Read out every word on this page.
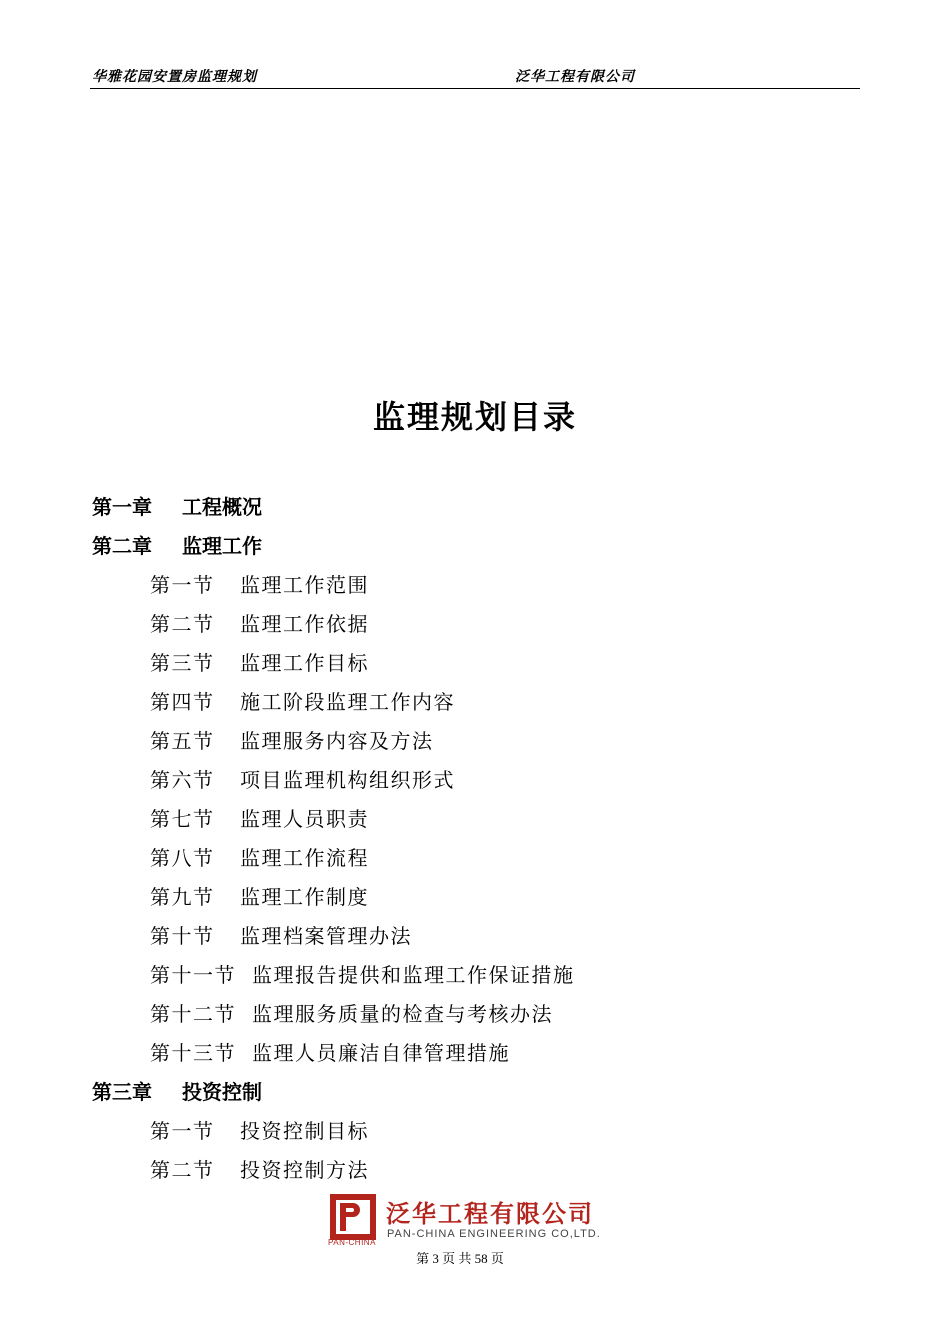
华雅花园安置房监理规划	泛华工程有限公司
监理规划目录
第一章 工程概况
第二章 监理工作
第一节 监理工作范围
第二节 监理工作依据
第三节 监理工作目标
第四节 施工阶段监理工作内容
第五节 监理服务内容及方法
第六节 项目监理机构组织形式
第七节 监理人员职责
第八节 监理工作流程
第九节 监理工作制度
第十节 监理档案管理办法
第十一节 监理报告提供和监理工作保证措施
第十二节 监理服务质量的检查与考核办法
第十三节 监理人员廉洁自律管理措施
第三章 投资控制
第一节 投资控制目标
第二节 投资控制方法
PAN-CHINA
泛华工程有限公司
PAN-CHINA ENGINEERING CO,LTD.
第 3 页 共 58 页
